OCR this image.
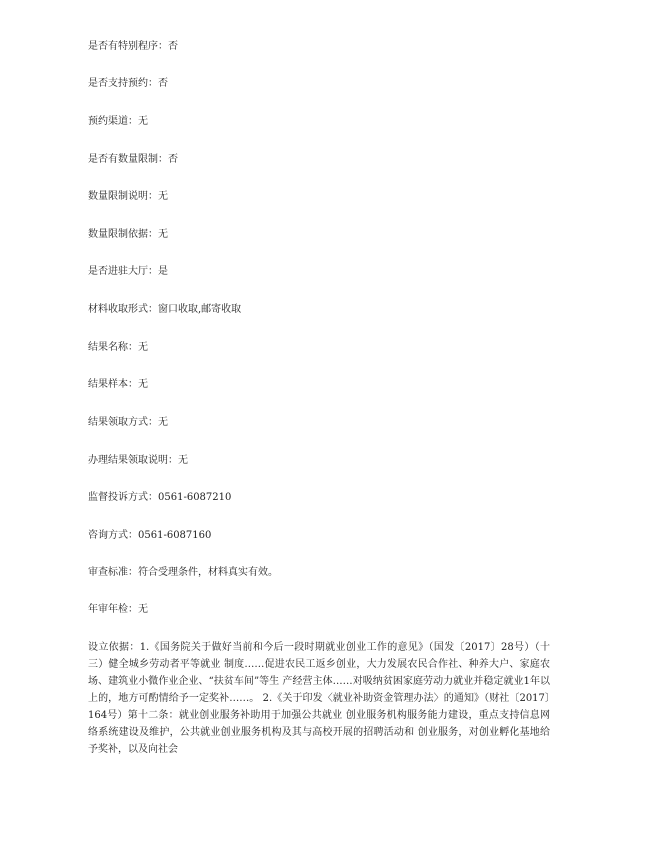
是否有特别程序：否
是否支持预约：否
预约渠道：无
是否有数量限制：否
数量限制说明：无
数量限制依据：无
是否进驻大厅：是
材料收取形式：窗口收取,邮寄收取
结果名称：无
结果样本：无
结果领取方式：无
办理结果领取说明：无
监督投诉方式：0561-6087210
咨询方式：0561-6087160
审查标准：符合受理条件，材料真实有效。
年审年检：无
设立依据：1.《国务院关于做好当前和今后一段时期就业创业工作的意见》（国发〔2017〕28号）（十三）健全城乡劳动者平等就业 制度……促进农民工返乡创业，大力发展农民合作社、种养大户、家庭农场、建筑业小微作业企业、“扶贫车间”等生 产经营主体……对吸纳贫困家庭劳动力就业并稳定就业1年以上的，地方可酌情给予一定奖补……。 2.《关于印发〈就业补助资金管理办法〉的通知》（财社〔2017〕164号）第十二条：就业创业服务补助用于加强公共就业 创业服务机构服务能力建设，重点支持信息网络系统建设及维护，公共就业创业服务机构及其与高校开展的招聘活动和 创业服务，对创业孵化基地给予奖补，以及向社会
